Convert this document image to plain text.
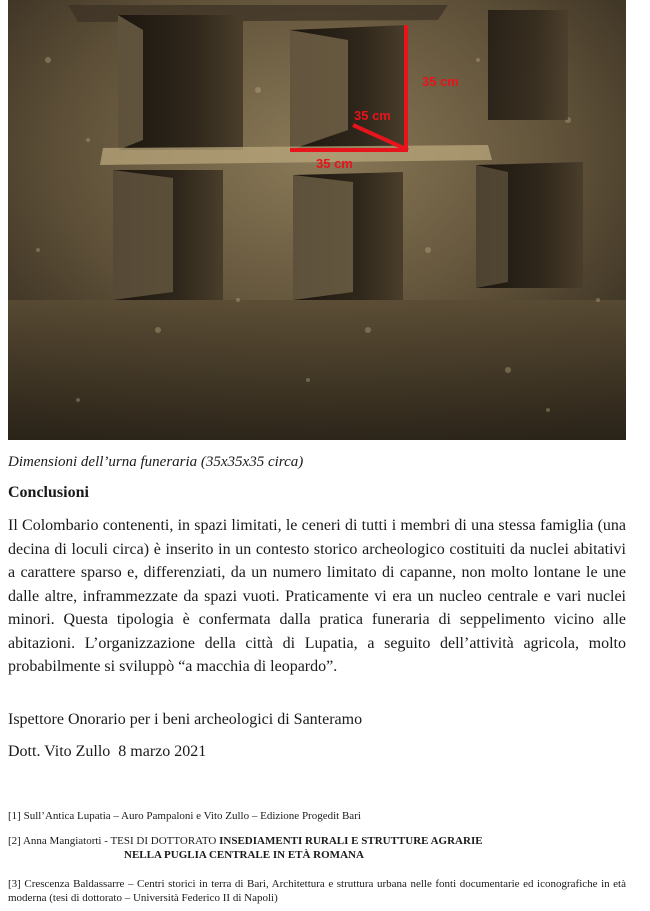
35 cm
35 cm
35 cm

Dimensioni dell’urna funeraria (35x35x35 circa)

Conclusioni

Il Colombario contenenti, in spazi limitati, le ceneri di tutti i membri di una stessa famiglia (una decina di loculi circa) è inserito in un contesto storico archeologico costituiti da nuclei abitativi a carattere sparso e, differenziati, da un numero limitato di capanne, non molto lontane le une dalle altre, inframmezzate da spazi vuoti. Praticamente vi era un nucleo centrale e vari nuclei minori. Questa tipologia è confermata dalla pratica funeraria di seppelimento vicino alle abitazioni. L’organizzazione della città di Lupatia, a seguito dell’attività agricola, molto probabilmente si sviluppò “a macchia di leopardo”.

Ispettore Onorario per i beni archeologici di Santeramo

Dott. Vito Zullo  8 marzo 2021

[1] Sull’Antica Lupatia – Auro Pampaloni e Vito Zullo – Edizione Progedit Bari

[2] Anna Mangiatorti - TESI DI DOTTORATO INSEDIAMENTI RURALI E STRUTTURE AGRARIE
NELLA PUGLIA CENTRALE IN ETÀ ROMANA

[3] Crescenza Baldassarre – Centri storici in terra di Bari, Architettura e struttura urbana nelle fonti documentarie ed iconografiche in età moderna (tesi di dottorato – Università Federico II di Napoli)
